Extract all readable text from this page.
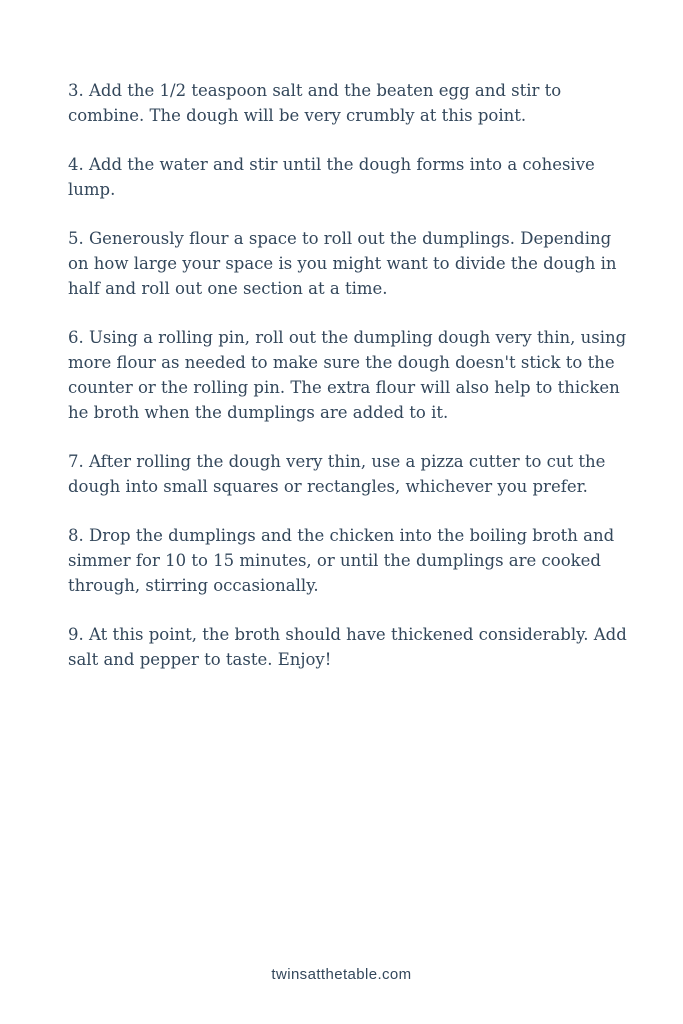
3. Add the 1/2 teaspoon salt and the beaten egg and stir to combine. The dough will be very crumbly at this point.

4. Add the water and stir until the dough forms into a cohesive lump.

5. Generously flour a space to roll out the dumplings. Depending on how large your space is you might want to divide the dough in half and roll out one section at a time.

6. Using a rolling pin, roll out the dumpling dough very thin, using more flour as needed to make sure the dough doesn't stick to the counter or the rolling pin. The extra flour will also help to thicken he broth when the dumplings are added to it.

7. After rolling the dough very thin, use a pizza cutter to cut the dough into small squares or rectangles, whichever you prefer.

8. Drop the dumplings and the chicken into the boiling broth and simmer for 10 to 15 minutes, or until the dumplings are cooked through, stirring occasionally.

9. At this point, the broth should have thickened considerably. Add salt and pepper to taste. Enjoy!

twinsatthetable.com
